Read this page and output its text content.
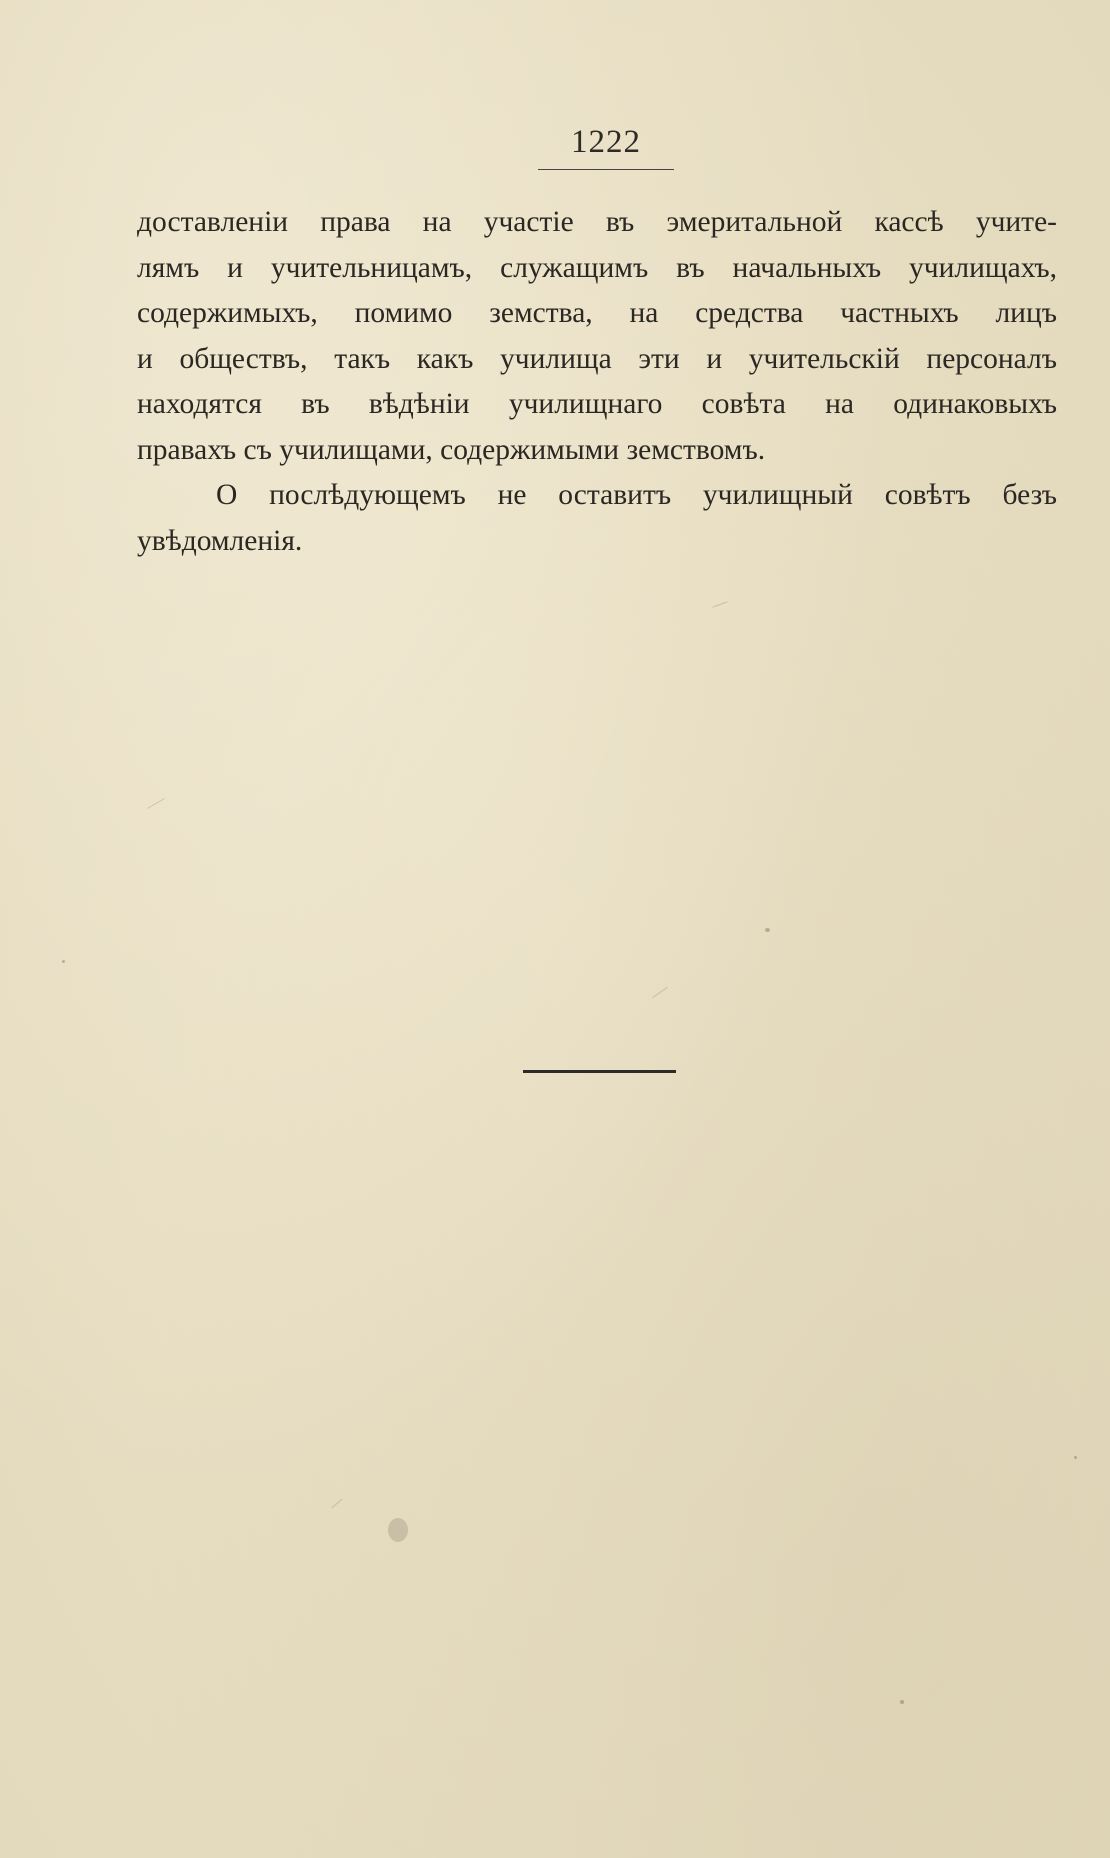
1222
доставленіи права на участіе въ эмеритальной кассѣ учите-
лямъ и учительницамъ, служащимъ въ начальныхъ училищахъ,
содержимыхъ, помимо земства, на средства частныхъ лицъ
и обществъ, такъ какъ училища эти и учительскій персоналъ
находятся въ вѣдѣніи училищнаго совѣта на одинаковыхъ
правахъ съ училищами, содержимыми земствомъ.
О послѣдующемъ не оставитъ училищный совѣтъ безъ
увѣдомленія.
